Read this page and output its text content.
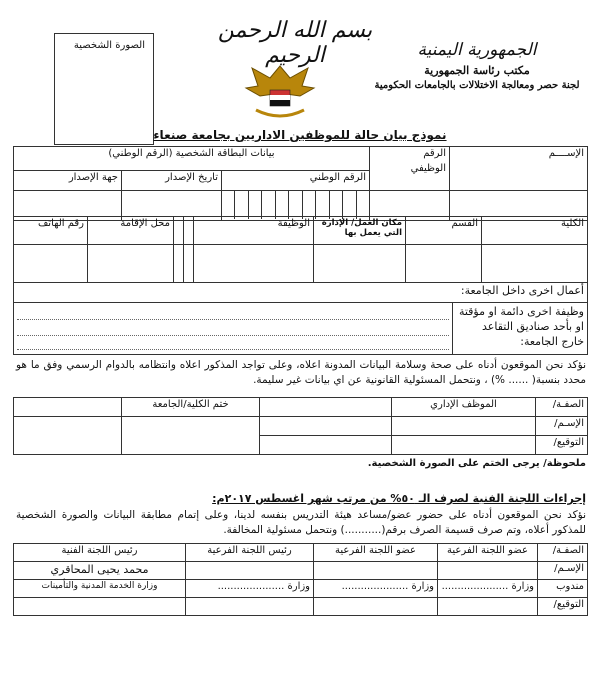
الصورة الشخصية
بسم الله الرحمن الرحيم	الجمهورية اليمنية
مكتب رئاسة الجمهورية
لجنة حصر ومعالجة الاختلالات بالجامعات الحكومية
نموذج بيان حالة للموظفين الاداريين بجامعة صنعاء
الإســــم	الرقم
الوظيفي	بيانات البطاقة الشخصية (الرقم الوطني)		
		الرقم الوطني	تاريخ الإصدار	جهة الإصدار

الكلية	القسم	مكان العمل/ الإدارة التي يعمل بها	الوظيفة			محل الإقامة	رقم الهاتف

أعمال اخرى داخل الجامعة:
وظيفة اخرى دائمة او مؤقتة او بأحد صناديق التقاعد خارج الجامعة:	
نؤكد نحن الموقعون أدناه على صحة وسلامة البيانات المدونة اعلاه، وعلى تواجد المذكور اعلاه وانتظامه بالدوام الرسمي وفق ما هو محدد بنسبة( ...... %) ، ونتحمل المسئولية القانونية عن اي بيانات غير سليمة.
الصفـة/	الموظف الإداري		ختم الكلية/الجامعة	
الإسـم/				
التوقيع/				
ملحوظة/ يرجى الختم على الصورة الشخصية.
إجراءات اللجنة الفنية لصرف الـ ٥٠% من مرتب شهر اغسطس ٢٠١٧م:
نؤكد نحن الموقعون أدناه على حضور عضو/مساعد هيئة التدريس بنفسه لدينا، وعلى إتمام مطابقة البيانات والصورة الشخصية للمذكور أعلاه، وتم صرف قسيمة الصرف برقم(...........) ونتحمل مسئولية المخالفة.
الصفـة/	عضو اللجنة الفرعية	عضو اللجنة الفرعية	رئيس اللجنة الفرعية	رئيس اللجنة الفنية
الإسـم/				محمد يحيى المحاقري
مندوب	وزارة .....................	وزارة .....................	وزارة .....................	وزارة الخدمة المدنية والتأمينات
التوقيع/				
